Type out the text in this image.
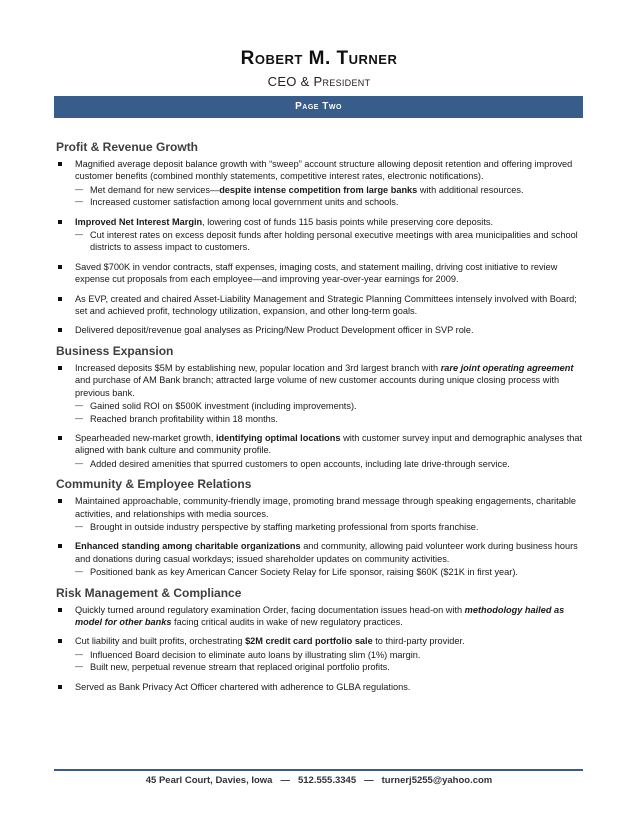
Robert M. Turner
CEO & President
Page Two
Profit & Revenue Growth
Magnified average deposit balance growth with “sweep” account structure allowing deposit retention and offering improved customer benefits (combined monthly statements, competitive interest rates, electronic notifications).
— Met demand for new services—despite intense competition from large banks with additional resources.
— Increased customer satisfaction among local government units and schools.
Improved Net Interest Margin, lowering cost of funds 115 basis points while preserving core deposits.
— Cut interest rates on excess deposit funds after holding personal executive meetings with area municipalities and school districts to assess impact to customers.
Saved $700K in vendor contracts, staff expenses, imaging costs, and statement mailing, driving cost initiative to review expense cut proposals from each employee—and improving year-over-year earnings for 2009.
As EVP, created and chaired Asset-Liability Management and Strategic Planning Committees intensely involved with Board; set and achieved profit, technology utilization, expansion, and other long-term goals.
Delivered deposit/revenue goal analyses as Pricing/New Product Development officer in SVP role.
Business Expansion
Increased deposits $5M by establishing new, popular location and 3rd largest branch with rare joint operating agreement and purchase of AM Bank branch; attracted large volume of new customer accounts during unique closing process with previous bank.
— Gained solid ROI on $500K investment (including improvements).
— Reached branch profitability within 18 months.
Spearheaded new-market growth, identifying optimal locations with customer survey input and demographic analyses that aligned with bank culture and community profile.
— Added desired amenities that spurred customers to open accounts, including late drive-through service.
Community & Employee Relations
Maintained approachable, community-friendly image, promoting brand message through speaking engagements, charitable activities, and relationships with media sources.
— Brought in outside industry perspective by staffing marketing professional from sports franchise.
Enhanced standing among charitable organizations and community, allowing paid volunteer work during business hours and donations during casual workdays; issued shareholder updates on community activities.
— Positioned bank as key American Cancer Society Relay for Life sponsor, raising $60K ($21K in first year).
Risk Management & Compliance
Quickly turned around regulatory examination Order, facing documentation issues head-on with methodology hailed as model for other banks facing critical audits in wake of new regulatory practices.
Cut liability and built profits, orchestrating $2M credit card portfolio sale to third-party provider.
— Influenced Board decision to eliminate auto loans by illustrating slim (1%) margin.
— Built new, perpetual revenue stream that replaced original portfolio profits.
Served as Bank Privacy Act Officer chartered with adherence to GLBA regulations.
45 Pearl Court, Davies, Iowa — 512.555.3345 — turnerj5255@yahoo.com
